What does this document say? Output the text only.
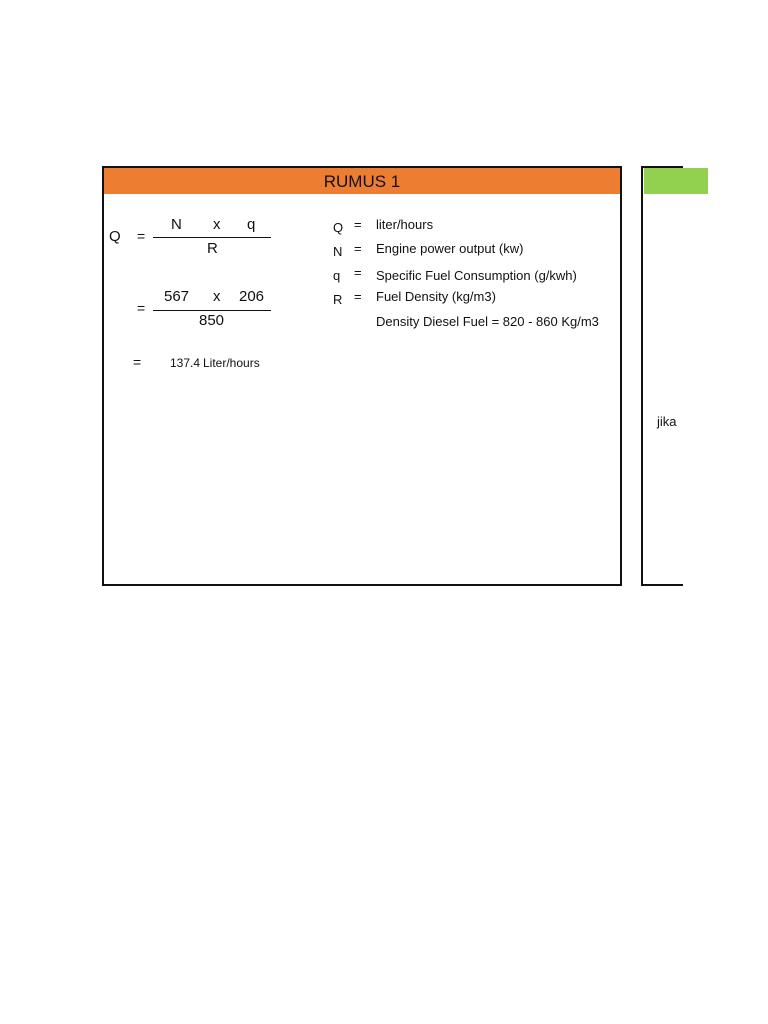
RUMUS 1
Q =
N x q
R
=
567 x 206
850
= 137.4 Liter/hours
Q = liter/hours
N = Engine power output (kw)
q = Specific Fuel Consumption (g/kwh)
R = Fuel Density (kg/m3)
Density Diesel Fuel = 820 - 860 Kg/m3
jika
